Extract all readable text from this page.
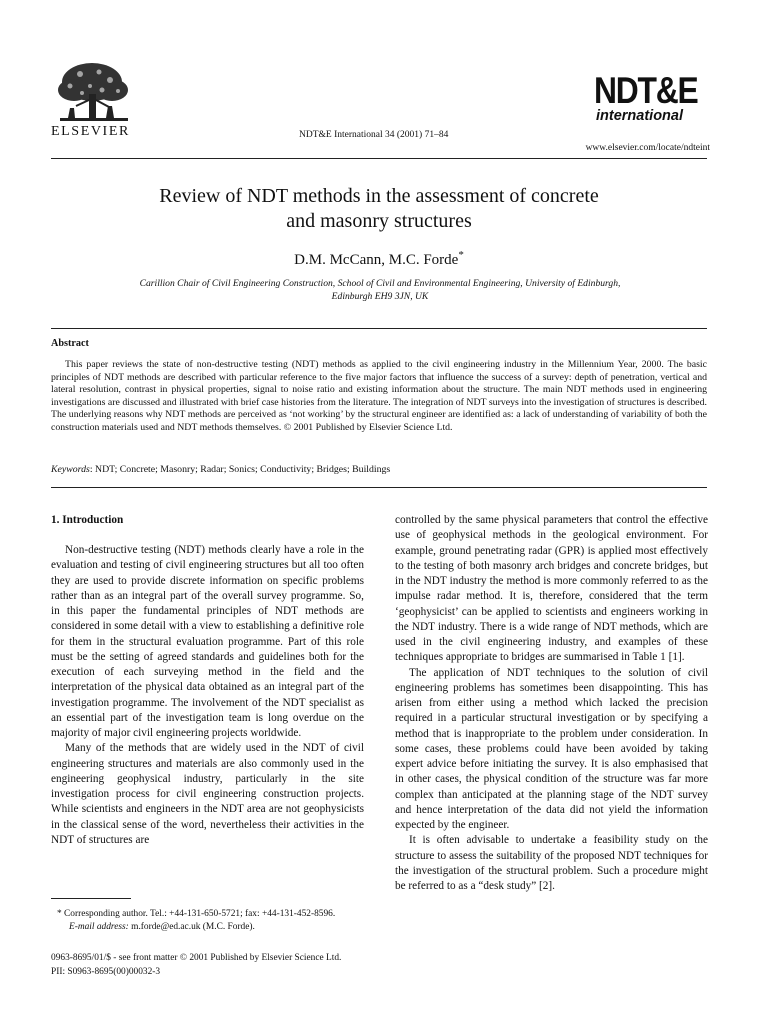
ELSEVIER	NDT&E International 34 (2001) 71–84
NDT&E
international
www.elsevier.com/locate/ndteint
Review of NDT methods in the assessment of concrete
and masonry structures
D.M. McCann, M.C. Forde*
Carillion Chair of Civil Engineering Construction, School of Civil and Environmental Engineering, University of Edinburgh,
Edinburgh EH9 3JN, UK
Abstract
This paper reviews the state of non-destructive testing (NDT) methods as applied to the civil engineering industry in the Millennium Year, 2000. The basic principles of NDT methods are described with particular reference to the five major factors that influence the success of a survey: depth of penetration, vertical and lateral resolution, contrast in physical properties, signal to noise ratio and existing information about the structure. The main NDT methods used in engineering investigations are discussed and illustrated with brief case histories from the literature. The integration of NDT surveys into the investigation of structures is described. The underlying reasons why NDT methods are perceived as ‘not working’ by the structural engineer are identified as: a lack of understanding of variability of both the construction materials used and NDT methods themselves. © 2001 Published by Elsevier Science Ltd.
Keywords: NDT; Concrete; Masonry; Radar; Sonics; Conductivity; Bridges; Buildings
1. Introduction

Non-destructive testing (NDT) methods clearly have a role in the evaluation and testing of civil engineering structures but all too often they are used to provide discrete information on specific problems rather than as an integral part of the overall survey programme. So, in this paper the fundamental principles of NDT methods are considered in some detail with a view to establishing a definitive role for them in the structural evaluation programme. Part of this role must be the setting of agreed standards and guidelines both for the execution of each surveying method in the field and the interpretation of the physical data obtained as an integral part of the investigation programme. The involvement of the NDT specialist as an essential part of the investigation team is long overdue on the majority of major civil engineering projects worldwide.

Many of the methods that are widely used in the NDT of civil engineering structures and materials are also commonly used in the engineering geophysical industry, particularly in the site investigation process for civil engineering construction projects. While scientists and engineers in the NDT area are not geophysicists in the classical sense of the word, nevertheless their activities in the NDT of structures are

controlled by the same physical parameters that control the effective use of geophysical methods in the geological environment. For example, ground penetrating radar (GPR) is applied most effectively to the testing of both masonry arch bridges and concrete bridges, but in the NDT industry the method is more commonly referred to as the impulse radar method. It is, therefore, considered that the term ‘geophysicist’ can be applied to scientists and engineers working in the NDT industry. There is a wide range of NDT methods, which are used in the civil engineering industry, and examples of these techniques appropriate to bridges are summarised in Table 1 [1].

The application of NDT techniques to the solution of civil engineering problems has sometimes been disappointing. This has arisen from either using a method which lacked the precision required in a particular structural investigation or by specifying a method that is inappropriate to the problem under consideration. In some cases, these problems could have been avoided by taking expert advice before initiating the survey. It is also emphasised that in other cases, the physical condition of the structure was far more complex than anticipated at the planning stage of the NDT survey and hence interpretation of the data did not yield the information expected by the engineer.

It is often advisable to undertake a feasibility study on the structure to assess the suitability of the proposed NDT techniques for the investigation of the structural problem. Such a procedure might be referred to as a “desk study” [2].

* Corresponding author. Tel.: +44-131-650-5721; fax: +44-131-452-8596.
E-mail address: m.forde@ed.ac.uk (M.C. Forde).
0963-8695/01/$ - see front matter © 2001 Published by Elsevier Science Ltd.
PII: S0963-8695(00)00032-3
